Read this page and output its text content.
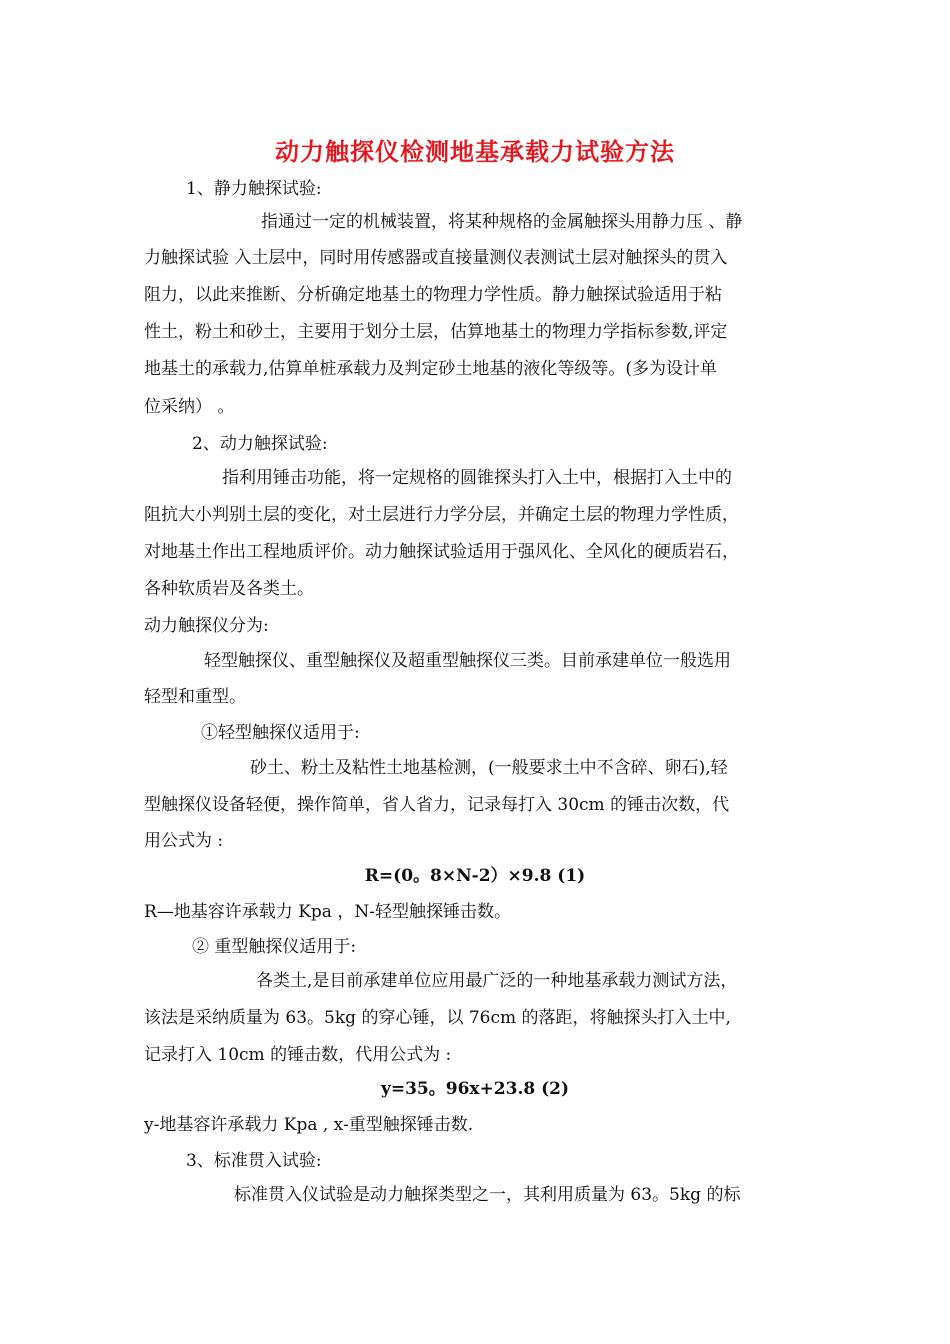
动力触探仪检测地基承载力试验方法

1、静力触探试验:

指通过一定的机械装置，将某种规格的金属触探头用静力压 、静

力触探试验 入土层中，同时用传感器或直接量测仪表测试土层对触探头的贯入

阻力，以此来推断、分析确定地基土的物理力学性质。静力触探试验适用于粘

性土，粉土和砂土，主要用于划分土层，估算地基土的物理力学指标参数,评定

地基土的承载力,估算单桩承载力及判定砂土地基的液化等级等。(多为设计单

位采纳） 。

2、动力触探试验:

指利用锤击功能，将一定规格的圆锥探头打入土中，根据打入土中的

阻抗大小判别土层的变化，对土层进行力学分层，并确定土层的物理力学性质，

对地基土作出工程地质评价。动力触探试验适用于强风化、全风化的硬质岩石，

各种软质岩及各类土。

动力触探仪分为:

轻型触探仪、重型触探仪及超重型触探仪三类。目前承建单位一般选用

轻型和重型。

①轻型触探仪适用于:

砂土、粉土及粘性土地基检测，(一般要求土中不含碎、卵石),轻

型触探仪设备轻便，操作简单，省人省力，记录每打入 30cm 的锤击次数，代

用公式为 :

R=(0。8×N-2）×9.8 (1)

R—地基容许承载力 Kpa ，N-轻型触探锤击数。

② 重型触探仪适用于:

各类土,是目前承建单位应用最广泛的一种地基承载力测试方法，

该法是采纳质量为 63。5kg 的穿心锤，以 76cm 的落距，将触探头打入土中,

记录打入 10cm 的锤击数，代用公式为 :

y=35。96x+23.8 (2)

y-地基容许承载力 Kpa , x-重型触探锤击数.

3、标准贯入试验:

标准贯入仪试验是动力触探类型之一，其利用质量为 63。5kg 的标
